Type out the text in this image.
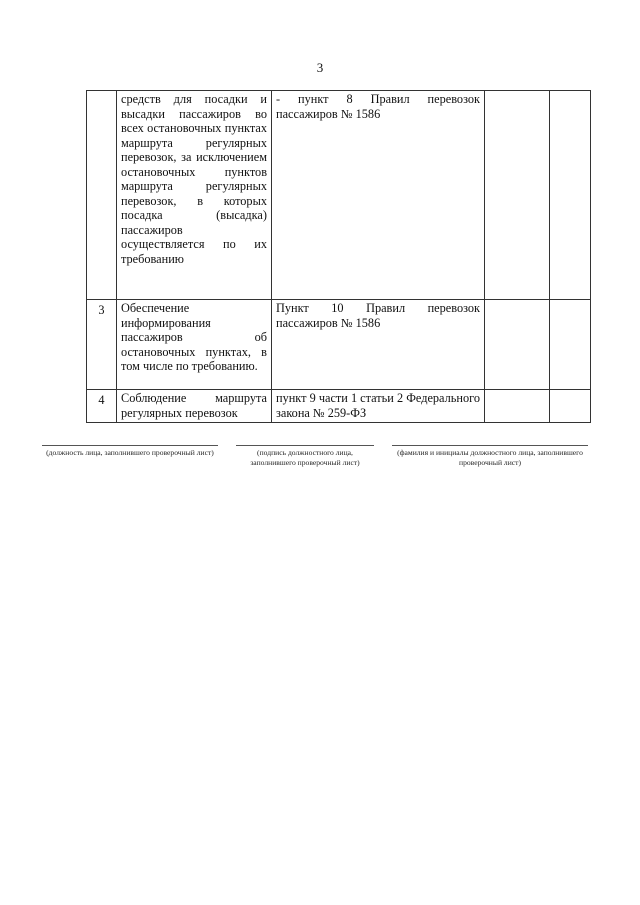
3
	средств для посадки и высадки пассажиров во всех остановочных пунктах маршрута регулярных перевозок, за исключением остановочных пунктов маршрута регулярных перевозок, в которых посадка (высадка) пассажиров осуществляется по их требованию	- пункт 8 Правил перевозок пассажиров № 1586		
3	Обеспечение информирования пассажиров об остановочных пунктах, в том числе по требованию.	Пункт 10 Правил перевозок пассажиров № 1586		
4	Соблюдение маршрута регулярных перевозок	пункт 9 части 1 статьи 2 Федерального закона № 259-ФЗ		
(должность лица, заполнившего проверочный лист)	(подпись должностного лица, заполнившего проверочный лист)
(фамилия и инициалы должностного лица, заполнившего проверочный лист)
